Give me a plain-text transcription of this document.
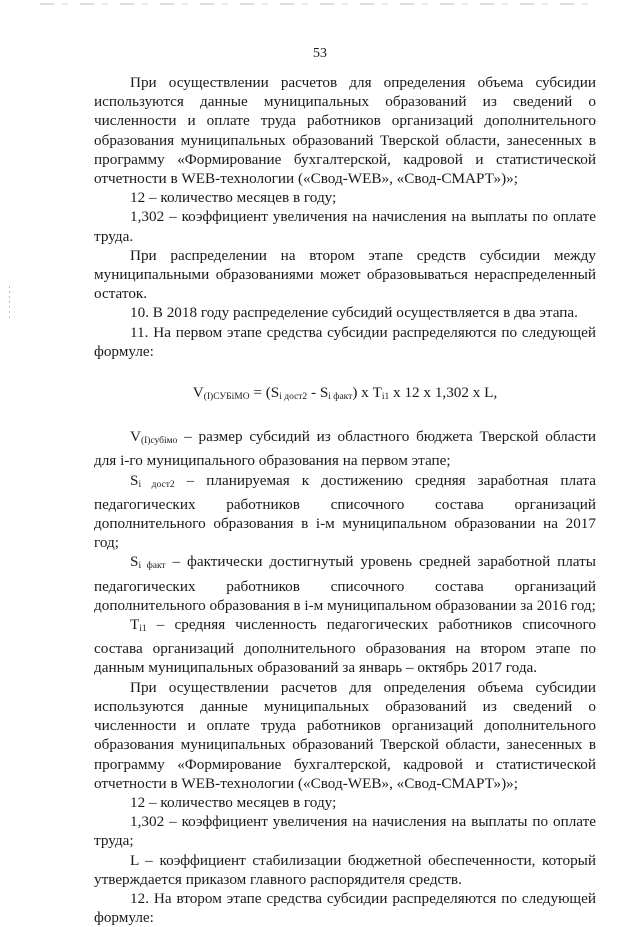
53

При осуществлении расчетов для определения объема субсидии используются данные муниципальных образований из сведений о численности и оплате труда работников организаций дополнительного образования муниципальных образований Тверской области, занесенных в программу «Формирование бухгалтерской, кадровой и статистической отчетности в WEB-технологии («Свод-WEB», «Свод-СМАРТ»)»;

12 – количество месяцев в году;

1,302 – коэффициент увеличения на начисления на выплаты по оплате труда.

При распределении на втором этапе средств субсидии между муниципальными образованиями может образовываться нераспределенный остаток.

10. В 2018 году распределение субсидий осуществляется в два этапа.

11. На первом этапе средства субсидии распределяются по следующей формуле:

$V_{(I)СУБiМО} = (S_{i дост2} - S_{i факт})$ х $T_{i1}$ х 12 х 1,302 х L,

$V_{(I)субiмо}$ – размер субсидий из областного бюджета Тверской области для i-го муниципального образования на первом этапе;

$S_{i дост2}$ – планируемая к достижению средняя заработная плата педагогических работников списочного состава организаций дополнительного образования в i-м муниципальном образовании на 2017 год;

$S_{i факт}$ – фактически достигнутый уровень средней заработной платы педагогических работников списочного состава организаций дополнительного образования в i-м муниципальном образовании за 2016 год;

$T_{i1}$ – средняя численность педагогических работников списочного состава организаций дополнительного образования на втором этапе по данным муниципальных образований за январь – октябрь 2017 года.

При осуществлении расчетов для определения объема субсидии используются данные муниципальных образований из сведений о численности и оплате труда работников организаций дополнительного образования муниципальных образований Тверской области, занесенных в программу «Формирование бухгалтерской, кадровой и статистической отчетности в WEB-технологии («Свод-WEB», «Свод-СМАРТ»)»;

12 – количество месяцев в году;

1,302 – коэффициент увеличения на начисления на выплаты по оплате труда;

L – коэффициент стабилизации бюджетной обеспеченности, который утверждается приказом главного распорядителя средств.

12. На втором этапе средства субсидии распределяются по следующей формуле:
